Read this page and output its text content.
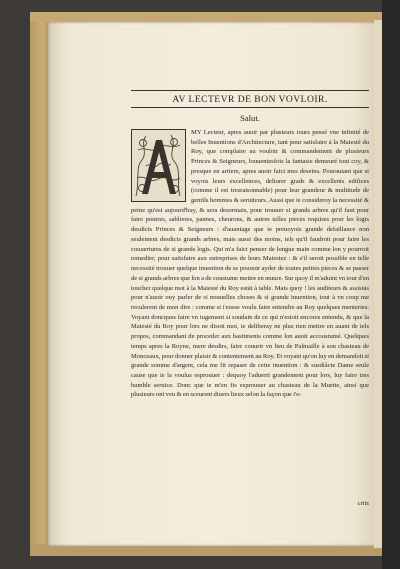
AV LECTEVR DE BON VOVLOIR.
Salut.
MY Lecteur, apres auoir par plusieurs iours pensé vne infinité de belles Inuentions d'Architecture, tant pour satisfaire à la Maiesté du Roy, que complaire au vouloir & commandement de plusieurs Princes & Seigneurs, louuentesfois la fantasie demeuré tout coy, & presque en arriere, apres auoir faict mes deseins. Pourautant que si voyois leurs excellences, deliurer grads & excellents edifices (comme il est tresraisonnable) pour leur grandeur & multitude de gentils hommes & seruiteurs. Aussi que ie consideroy la necessité & peine qu'est aujourd'huy, & sera desormais, pour trouuer si grands arbres qu'il faut pour faire poutres, sablieres, pannes, cheurons, & autres telles pieces requises pour les logis desdicts Princes & Seigneurs : d'auantage que ie preuoyois grande defaillance non seulement desdicts grands arbres, mais aussi des moins, tels qu'il faudroit pour faire les couuertures de si grands logis. Qui m'a faict penser de longue main comme lon y pourroit remedier, pour satisfaire aux entreprises de leurs Maiestez : & s'il seroit possible en telle necessité trouuer quelque inuention de se pouuoir ayder de toutes petites pieces & se passer de si grands arbres que lon a de coustume mettre en œuure. Sur quoy il m'aduint vn iour d'en toucher quelque mot à la Maiesté du Roy estāt à table. Mais quoy ! les auditeurs & assistās pour n'auoir ouy parler de si nouuelles choses & si grande inuention, tout à vn coup me reculerent de mon dire : comme si i'eusse voulu faire entendre au Roy quelques menteries. Voyant doncques faire vn iugement si soudain de ce qui n'estoit encores entendu, & que la Maiesté du Roy pour lors ne disoit mot, ie deliberay ne plus rien mettre en auant de tels propos, commandant de proceder aux bastiments comme lon auoit accoustumé. Quelques temps apres la Royne, mere desdirs, faire couurir vn lieu de Palmaille à son chasteau de Monceaux, pour donner plaisir & contentement au Roy. Et voyant qu'on luy en demandoit si grande somme d'argent, cela me fit repaser de cette inuention : & susdiâcte Dame seule cause que ie la voulus esprouuer : dequoy l'aduerti grandement pour lors, luy faire tres humble seruice. Donc que ie m'en fis esprouuer au chasteau de la Muette, ainsi que plusieurs ont veu & en sceurent diuers lieux selon la façon que i'e-
crits
